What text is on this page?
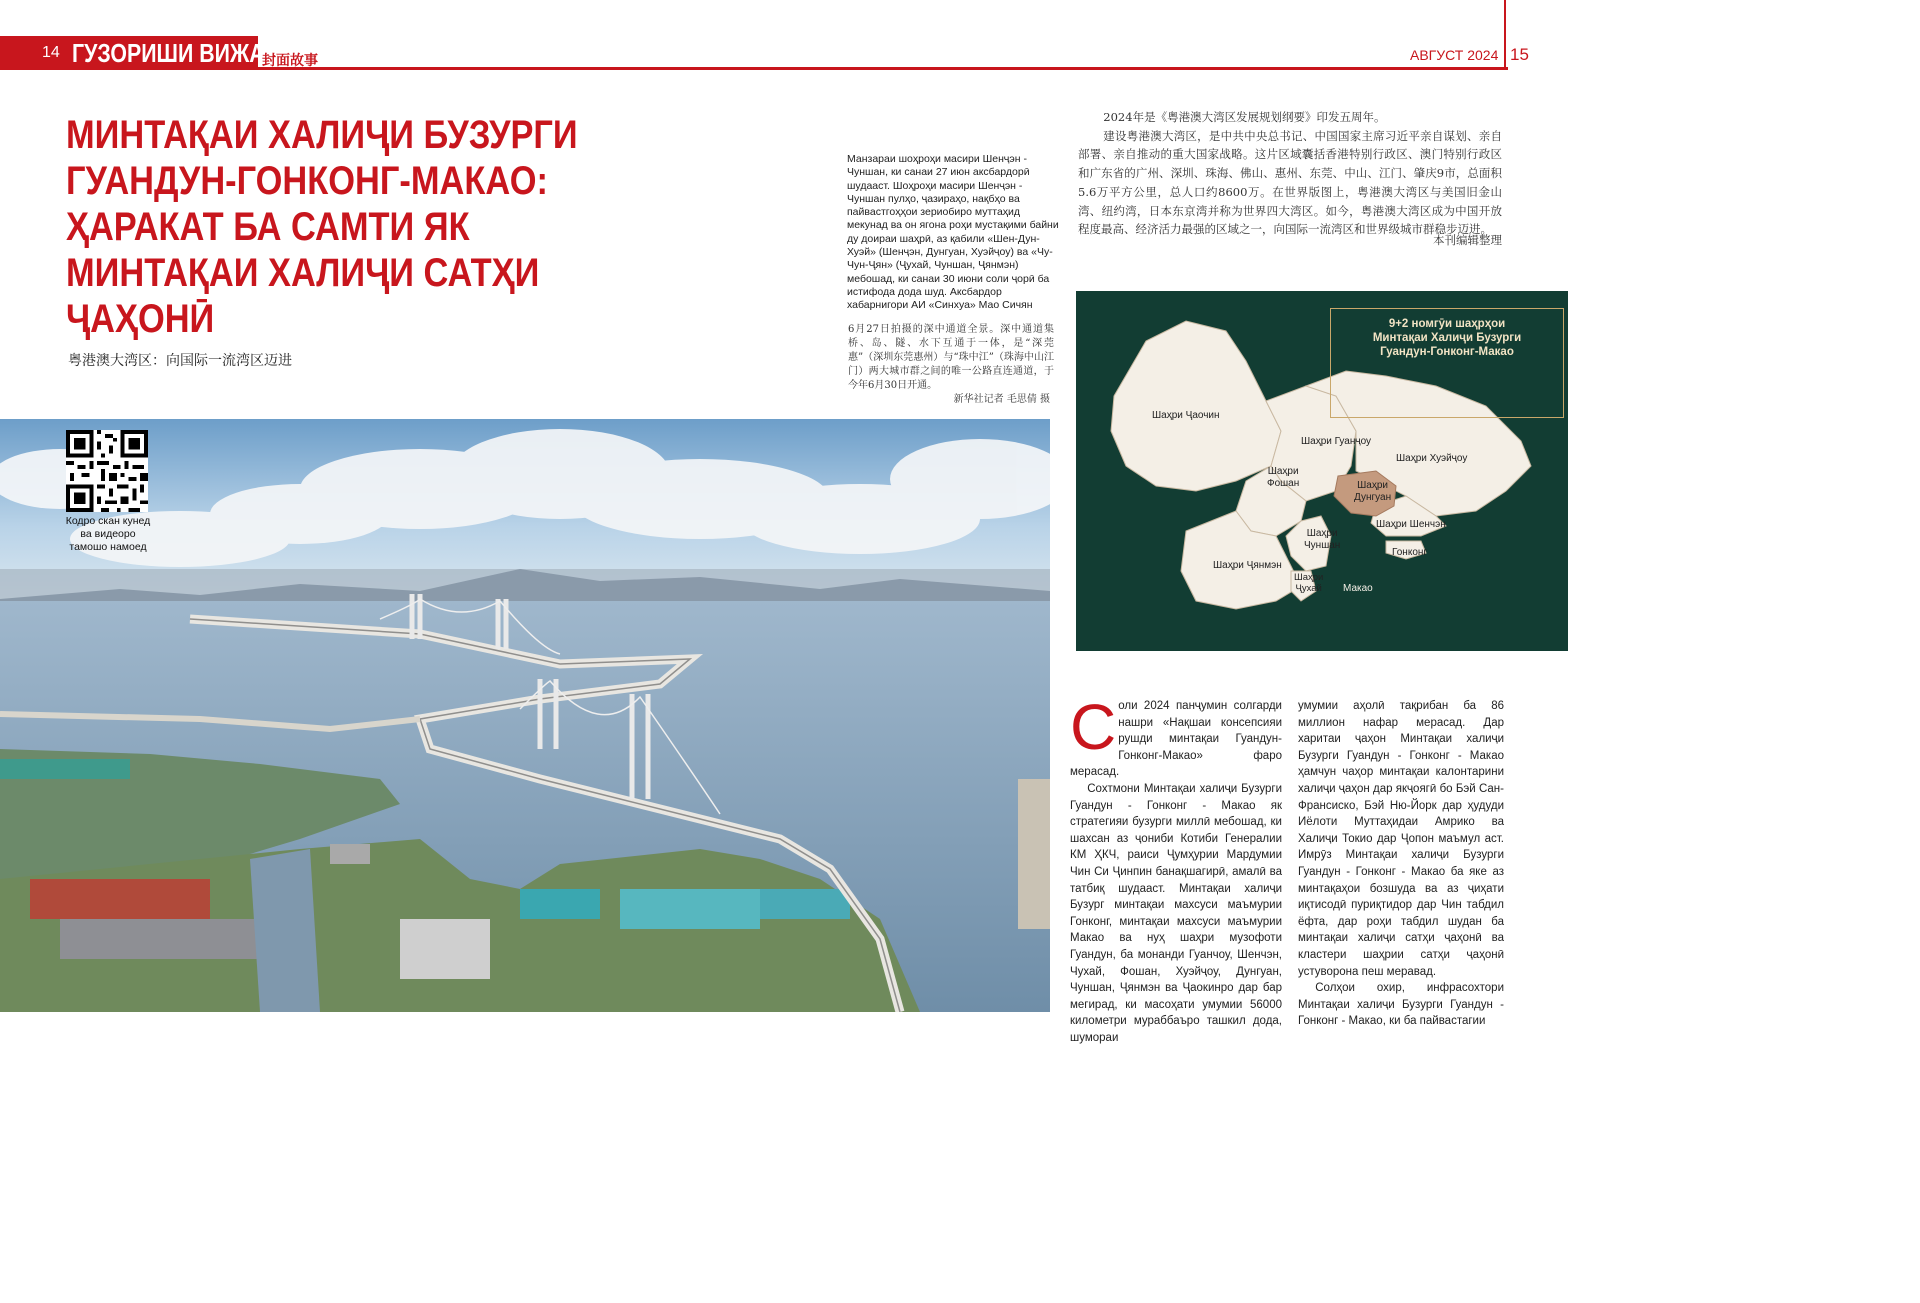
14 ГУЗОРИШИ ВИЖА
封面故事	АВГУСТ 2024 15
МИНТАҚАИ ХАЛИҶИ БУЗУРГИ
ГУАНДУН-ГОНКОНГ-МАКАО:
ҲАРАКАТ БА САМТИ ЯК
МИНТАҚАИ ХАЛИҶИ САТҲИ
ҶАҲОНӢ
粤港澳大湾区：向国际一流湾区迈进
Манзараи шоҳроҳи масири Шенҷэн - Чуншан, ки санаи 27 июн аксбардорӣ шудааст. Шоҳроҳи масири Шенҷэн - Чуншан пулҳо, ҷазираҳо, нақбҳо ва пайвастгоҳҳои зериобиро муттаҳид мекунад ва он ягона роҳи мустақими байни ду доираи шаҳрӣ, аз қабили «Шен-Дун-Хуэй» (Шенҷэн, Дунгуан, Хуэйҷоу) ва «Чу-Чун-Ҷян» (Ҷухай, Чуншан, Ҷянмэн) мебошад, ки санаи 30 июни соли ҷорӣ ба истифода дода шуд. Аксбардор хабарнигори АИ «Синхуа» Мао Сичян
6月27日拍摄的深中通道全景。深中通道集桥、岛、隧、水下互通于一体，是“深莞惠”（深圳东莞惠州）与“珠中江”（珠海中山江门）两大城市群之间的唯一公路直连通道，于今年6月30日开通。
新华社记者 毛思倩 摄

2024年是《粤港澳大湾区发展规划纲要》印发五周年。

建设粤港澳大湾区，是中共中央总书记、中国国家主席习近平亲自谋划、亲自部署、亲自推动的重大国家战略。这片区域囊括香港特别行政区、澳门特别行政区和广东省的广州、深圳、珠海、佛山、惠州、东莞、中山、江门、肇庆9市，总面积5.6万平方公里，总人口约8600万。在世界版图上，粤港澳大湾区与美国旧金山湾、纽约湾，日本东京湾并称为世界四大湾区。如今，粤港澳大湾区成为中国开放程度最高、经济活力最强的区域之一，向国际一流湾区和世界级城市群稳步迈进。

本刊编辑整理
Кодро скан кунед
ва видеоро
тамошо намоед
Шаҳри Ҷаочин
Шаҳри Гуанҷоу
Шаҳри Хуэйҷоу
Шаҳри
Фошан	Шаҳри
Дунгуан
Шаҳри Шенчэн
Шаҳри
Чуншан
Шаҳри Ҷянмэн
Шаҳри
Ҷухай Макао
Гонконг
9+2 номгӯи шаҳрҳои
Минтақаи Халиҷи Бузурги
Гуандун-Гонконг-Макао

Соли 2024 панҷумин солгарди нашри «Нақшаи консепсияи рушди минтақаи Гуандун-Гонконг-Макао» фаро мерасад.

Сохтмони Минтақаи халиҷи Бузурги Гуандун - Гонконг - Макао як стратегияи бузурги миллӣ мебошад, ки шахсан аз ҷониби Котиби Генералии КМ ҲКЧ, раиси Ҷумҳурии Мардумии Чин Си Ҷинпин банақшагирӣ, амалӣ ва татбиқ шудааст. Минтақаи халиҷи Бузург минтақаи махсуси маъмурии Гонконг, минтақаи махсуси маъмурии Макао ва нуҳ шаҳри музофоти Гуандун, ба монанди Гуанчоу, Шенчэн, Чухай, Фошан, Хуэйҷоу, Дунгуан, Чуншан, Ҷянмэн ва Ҷаокинро дар бар мегирад, ки масоҳати умумии 56000 километри мураббаъро ташкил дода, шумораи

умумии аҳолӣ тақрибан ба 86 миллион нафар мерасад. Дар харитаи ҷаҳон Минтақаи халиҷи Бузурги Гуандун - Гонконг - Макао ҳамчун чаҳор минтақаи калонтарини халиҷи ҷаҳон дар якҷоягӣ бо Бэй Сан-Франсиско, Бэй Ню-Йорк дар ҳудуди Иёлоти Муттаҳидаи Амрико ва Халиҷи Токио дар Ҷопон маъмул аст. Имрӯз Минтақаи халиҷи Бузурги Гуандун - Гонконг - Макао ба яке аз минтақаҳои бозшуда ва аз ҷиҳати иқтисодӣ пуриқтидор дар Чин табдил ёфта, дар роҳи табдил шудан ба минтақаи халиҷи сатҳи ҷаҳонӣ ва кластери шаҳрии сатҳи ҷаҳонӣ устуворона пеш меравад.

Солҳои охир, инфрасохтори Минтақаи халиҷи Бузурги Гуандун - Гонконг - Макао, ки ба пайвастагии
